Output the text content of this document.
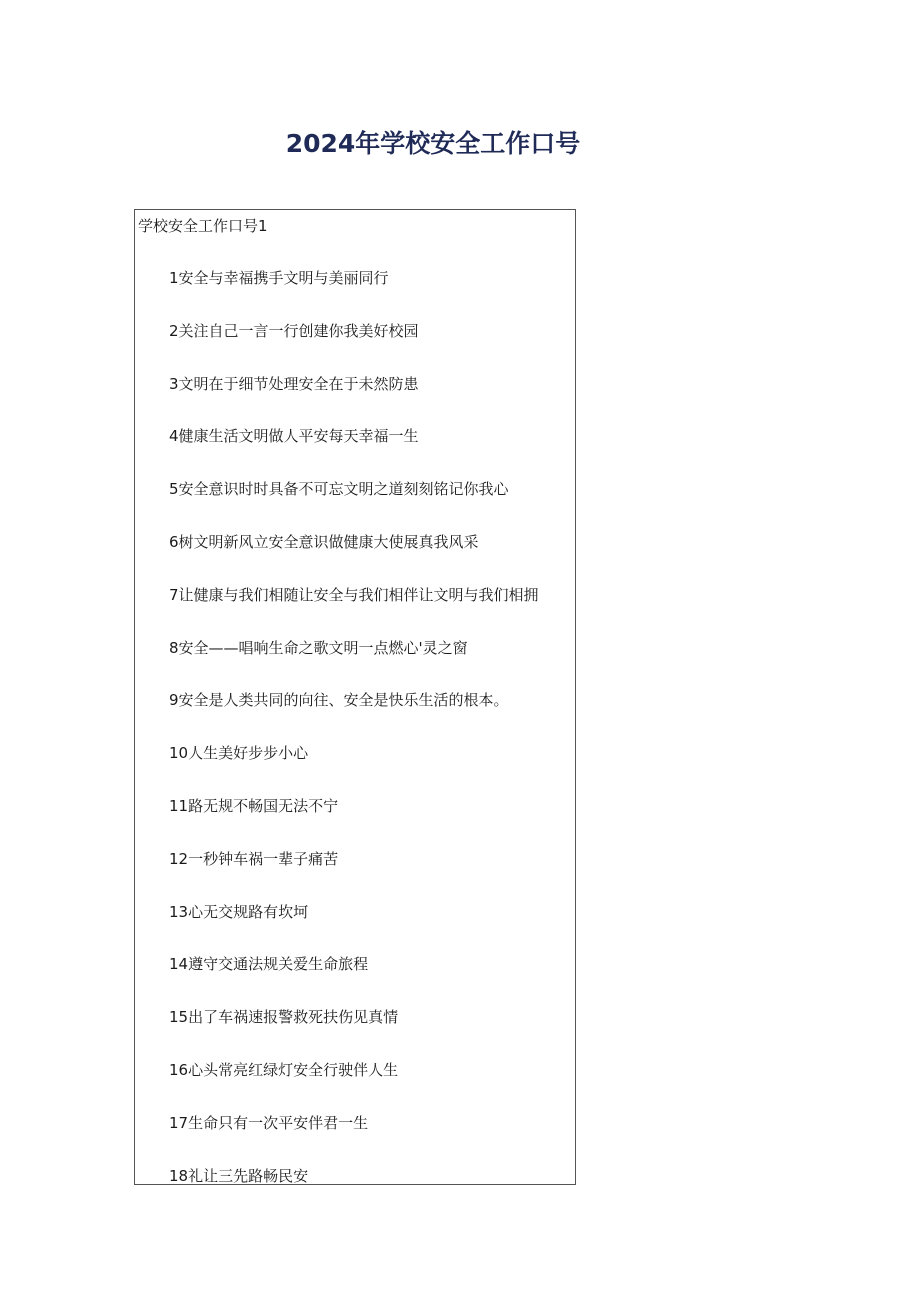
2024年学校安全工作口号

学校安全工作口号1

1安全与幸福携手文明与美丽同行
2关注自己一言一行创建你我美好校园
3文明在于细节处理安全在于未然防患
4健康生活文明做人平安每天幸福一生
5安全意识时时具备不可忘文明之道刻刻铭记你我心
6树文明新风立安全意识做健康大使展真我风采
7让健康与我们相随让安全与我们相伴让文明与我们相拥
8安全——唱响生命之歌文明一点燃心'灵之窗
9安全是人类共同的向往、安全是快乐生活的根本。
10人生美好步步小心
11路无规不畅国无法不宁
12一秒钟车祸一辈子痛苦
13心无交规路有坎坷
14遵守交通法规关爱生命旅程
15出了车祸速报警救死扶伤见真情
16心头常亮红绿灯安全行驶伴人生
17生命只有一次平安伴君一生
18礼让三先路畅民安
